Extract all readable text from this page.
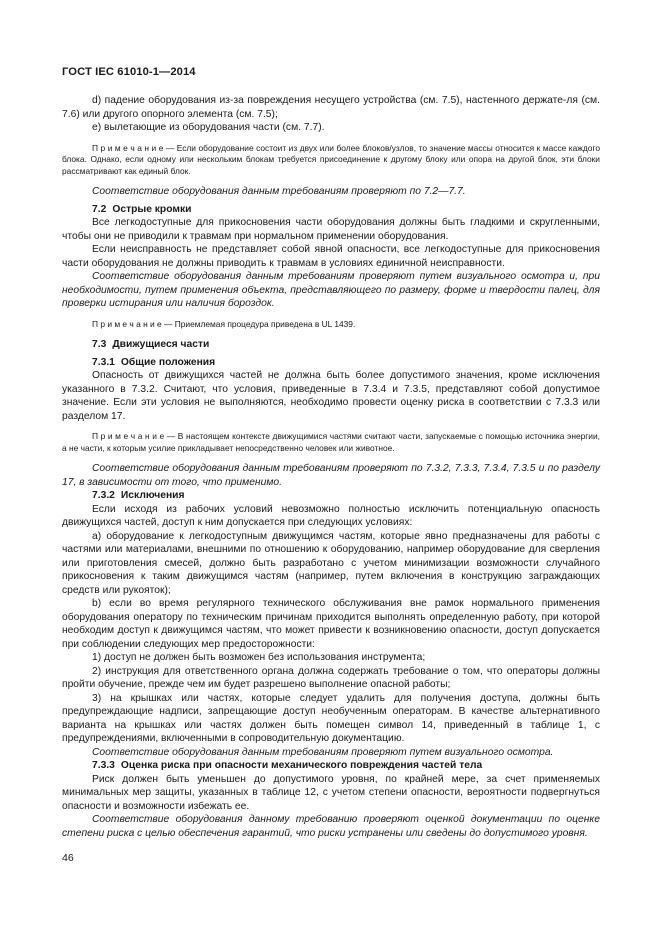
ГОСТ IEC 61010-1—2014

d) падение оборудования из-за повреждения несущего устройства (см. 7.5), настенного держате-ля (см. 7.6) или другого опорного элемента (см. 7.5);

e) вылетающие из оборудования части (см. 7.7).

П р и м е ч а н и е — Если оборудование состоит из двух или более блоков/узлов, то значение массы относится к массе каждого блока. Однако, если одному или нескольким блокам требуется присоединение к другому блоку или опора на другой блок, эти блоки рассматривают как единый блок.

Соответствие оборудования данным требованиям проверяют по 7.2—7.7.

7.2 Острые кромки

Все легкодоступные для прикосновения части оборудования должны быть гладкими и скругленными, чтобы они не приводили к травмам при нормальном применении оборудования.

Если неисправность не представляет собой явной опасности, все легкодоступные для прикосновения части оборудования не должны приводить к травмам в условиях единичной неисправности.

Соответствие оборудования данным требованиям проверяют путем визуального осмотра и, при необходимости, путем применения объекта, представляющего по размеру, форме и твердости палец, для проверки истирания или наличия бороздок.

П р и м е ч а н и е — Приемлемая процедура приведена в UL 1439.

7.3 Движущиеся части

7.3.1 Общие положения

Опасность от движущихся частей не должна быть более допустимого значения, кроме исключения указанного в 7.3.2. Считают, что условия, приведенные в 7.3.4 и 7.3.5, представляют собой допустимое значение. Если эти условия не выполняются, необходимо провести оценку риска в соответствии с 7.3.3 или разделом 17.

П р и м е ч а н и е — В настоящем контексте движущимися частями считают части, запускаемые с помощью источника энергии, а не части, к которым усилие прикладывает непосредственно человек или животное.

Соответствие оборудования данным требованиям проверяют по 7.3.2, 7.3.3, 7.3.4, 7.3.5 и по разделу 17, в зависимости от того, что применимо.

7.3.2 Исключения

Если исходя из рабочих условий невозможно полностью исключить потенциальную опасность движущихся частей, доступ к ним допускается при следующих условиях:

a) оборудование к легкодоступным движущимся частям, которые явно предназначены для работы с частями или материалами, внешними по отношению к оборудованию, например оборудование для сверления или приготовления смесей, должно быть разработано с учетом минимизации возможности случайного прикосновения к таким движущимся частям (например, путем включения в конструкцию заграждающих средств или рукояток);

b) если во время регулярного технического обслуживания вне рамок нормального применения оборудования оператору по техническим причинам приходится выполнять определенную работу, при которой необходим доступ к движущимся частям, что может привести к возникновению опасности, доступ допускается при соблюдении следующих мер предосторожности:

1) доступ не должен быть возможен без использования инструмента;

2) инструкция для ответственного органа должна содержать требование о том, что операторы должны пройти обучение, прежде чем им будет разрешено выполнение опасной работы;

3) на крышках или частях, которые следует удалить для получения доступа, должны быть предупреждающие надписи, запрещающие доступ необученным операторам. В качестве альтернативного варианта на крышках или частях должен быть помещен символ 14, приведенный в таблице 1, с предупреждениями, включенными в сопроводительную документацию.

Соответствие оборудования данным требованиям проверяют путем визуального осмотра.

7.3.3 Оценка риска при опасности механического повреждения частей тела

Риск должен быть уменьшен до допустимого уровня, по крайней мере, за счет применяемых минимальных мер защиты, указанных в таблице 12, с учетом степени опасности, вероятности подвергнуться опасности и возможности избежать ее.

Соответствие оборудования данному требованию проверяют оценкой документации по оценке степени риска с целью обеспечения гарантий, что риски устранены или сведены до допустимого уровня.

46
